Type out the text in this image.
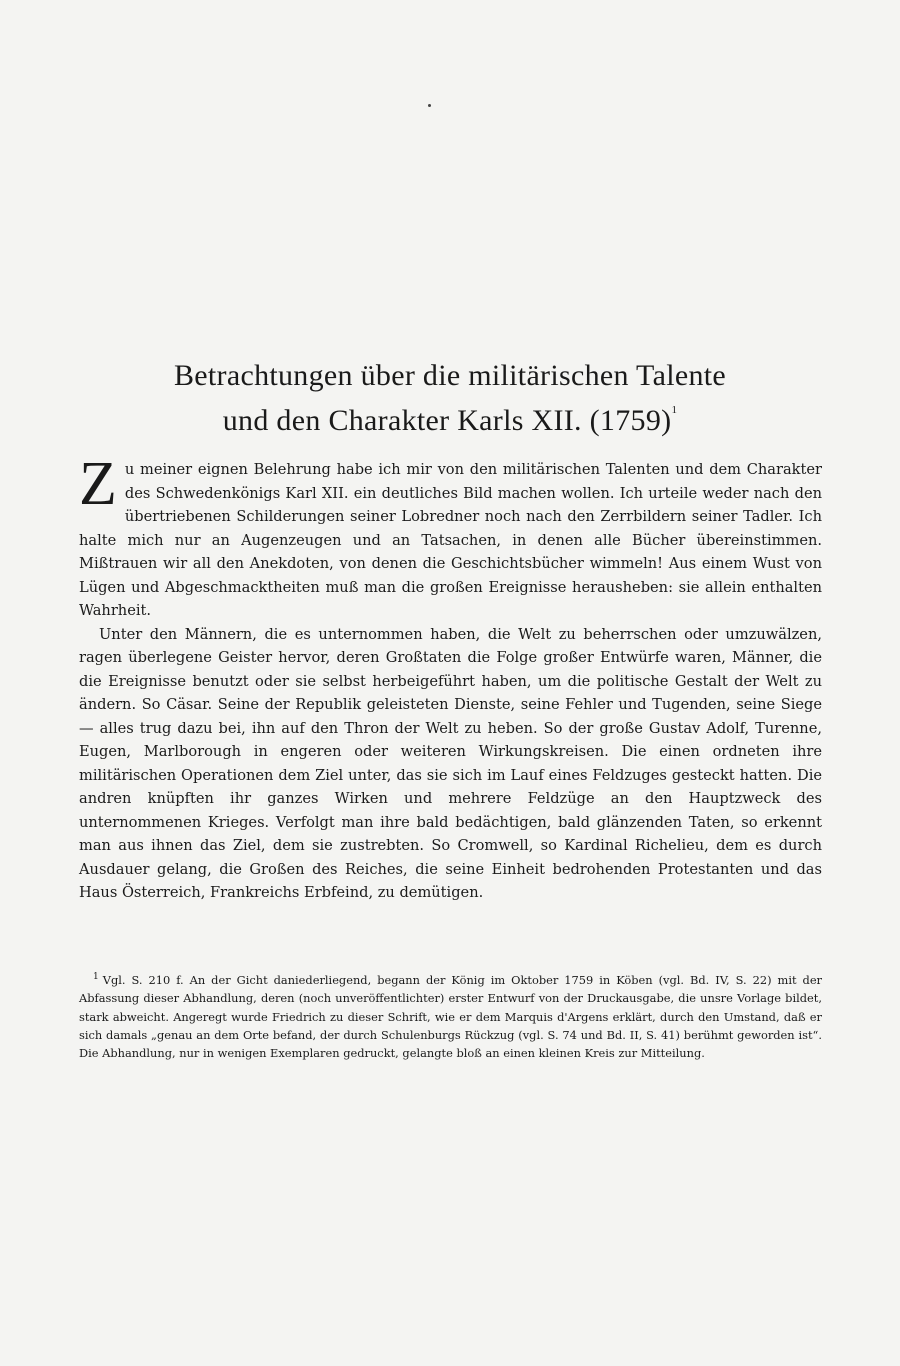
Betrachtungen über die militärischen Talente
und den Charakter Karls XII. $(1759)^1$

Zu meiner eignen Belehrung habe ich mir von den militärischen Talenten und dem Charakter des Schwedenkönigs Karl XII. ein deutliches Bild machen wollen. Ich urteile weder nach den übertriebenen Schilderungen seiner Lobredner noch nach den Zerrbildern seiner Tadler. Ich halte mich nur an Augenzeugen und an Tatsachen, in denen alle Bücher übereinstimmen. Mißtrauen wir all den Anekdoten, von denen die Geschichtsbücher wimmeln! Aus einem Wust von Lügen und Abgeschmacktheiten muß man die großen Ereignisse herausheben: sie allein enthalten Wahrheit.

Unter den Männern, die es unternommen haben, die Welt zu beherrschen oder umzuwälzen, ragen überlegene Geister hervor, deren Großtaten die Folge großer Entwürfe waren, Männer, die die Ereignisse benutzt oder sie selbst herbeigeführt haben, um die politische Gestalt der Welt zu ändern. So Cäsar. Seine der Republik geleisteten Dienste, seine Fehler und Tugenden, seine Siege — alles trug dazu bei, ihn auf den Thron der Welt zu heben. So der große Gustav Adolf, Turenne, Eugen, Marlborough in engeren oder weiteren Wirkungskreisen. Die einen ordneten ihre militärischen Operationen dem Ziel unter, das sie sich im Lauf eines Feldzuges gesteckt hatten. Die andren knüpften ihr ganzes Wirken und mehrere Feldzüge an den Hauptzweck des unternommenen Krieges. Verfolgt man ihre bald bedächtigen, bald glänzenden Taten, so erkennt man aus ihnen das Ziel, dem sie zustrebten. So Cromwell, so Kardinal Richelieu, dem es durch Ausdauer gelang, die Großen des Reiches, die seine Einheit bedrohenden Protestanten und das Haus Österreich, Frankreichs Erbfeind, zu demütigen.

$^1$ Vgl. S. 210 f. An der Gicht daniederliegend, begann der König im Oktober 1759 in Köben (vgl. Bd. IV, S. 22) mit der Abfassung dieser Abhandlung, deren (noch unveröffentlichter) erster Entwurf von der Druckausgabe, die unsre Vorlage bildet, stark abweicht. Angeregt wurde Friedrich zu dieser Schrift, wie er dem Marquis d'Argens erklärt, durch den Umstand, daß er sich damals „genau an dem Orte befand, der durch Schulenburgs Rückzug (vgl. S. 74 und Bd. II, S. 41) berühmt geworden ist“. Die Abhandlung, nur in wenigen Exemplaren gedruckt, gelangte bloß an einen kleinen Kreis zur Mitteilung.
